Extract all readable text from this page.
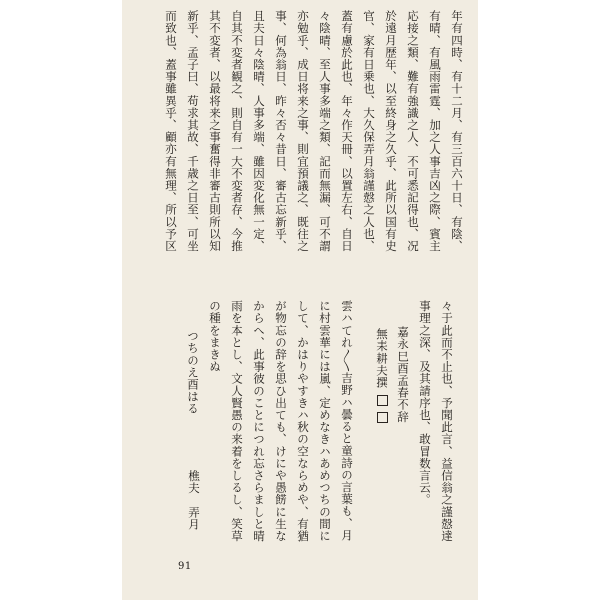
年有四時、有十二月、有三百六十日、有陰、
有晴、有風雨雷霆、加之人事吉凶之際、賓主
応接之類、難有強識之人、不可悉記得也、况
於遠月歴年、以至終身之久乎、此所以国有史
官、家有日乗也、大久保弄月翁謹慤之人也、
蓋有慮於此也、年々作天冊、以置左右、自日
々陰晴、至人事多端之類、記而無漏、可不謂
亦勉乎、成日将来之事、則宜預議之、既往之
事、何為翁日、昨々否々昔日、審古忘新乎、
且夫日々陰晴、人事多端、雖因変化無一定、
自其不変者観之、則自有一大不変者存、今推
其不変者、以最将来之事奮得非審古則所以知
新乎、孟子曰、苟求其故、千歳之日至、可坐
而致也、蓋事雖異乎、顧亦有無理、所以予区
々于此而不止也、予聞此言、益信翁之謹慤達
事理之深、及其請序也、敢冒数言云。
嘉永巳酉孟春不辞
無耒耕夫撰
雲ハてれ〳〵吉野ハ曇ると童詩の言葉も、月
に村雲華には嵐、定めなきハあめつちの間に
して、かはりやすきハ秋の空ならめや、有猶
が物忘の辞を思ひ出ても、けにや愚餝に生な
からへ、此事彼のことにつれ忘さらましと晴
雨を本とし、文人賢愚の来着をしるし、笑草
の種をまきぬ
つちのえ酉はる
樵夫　弄月
91
